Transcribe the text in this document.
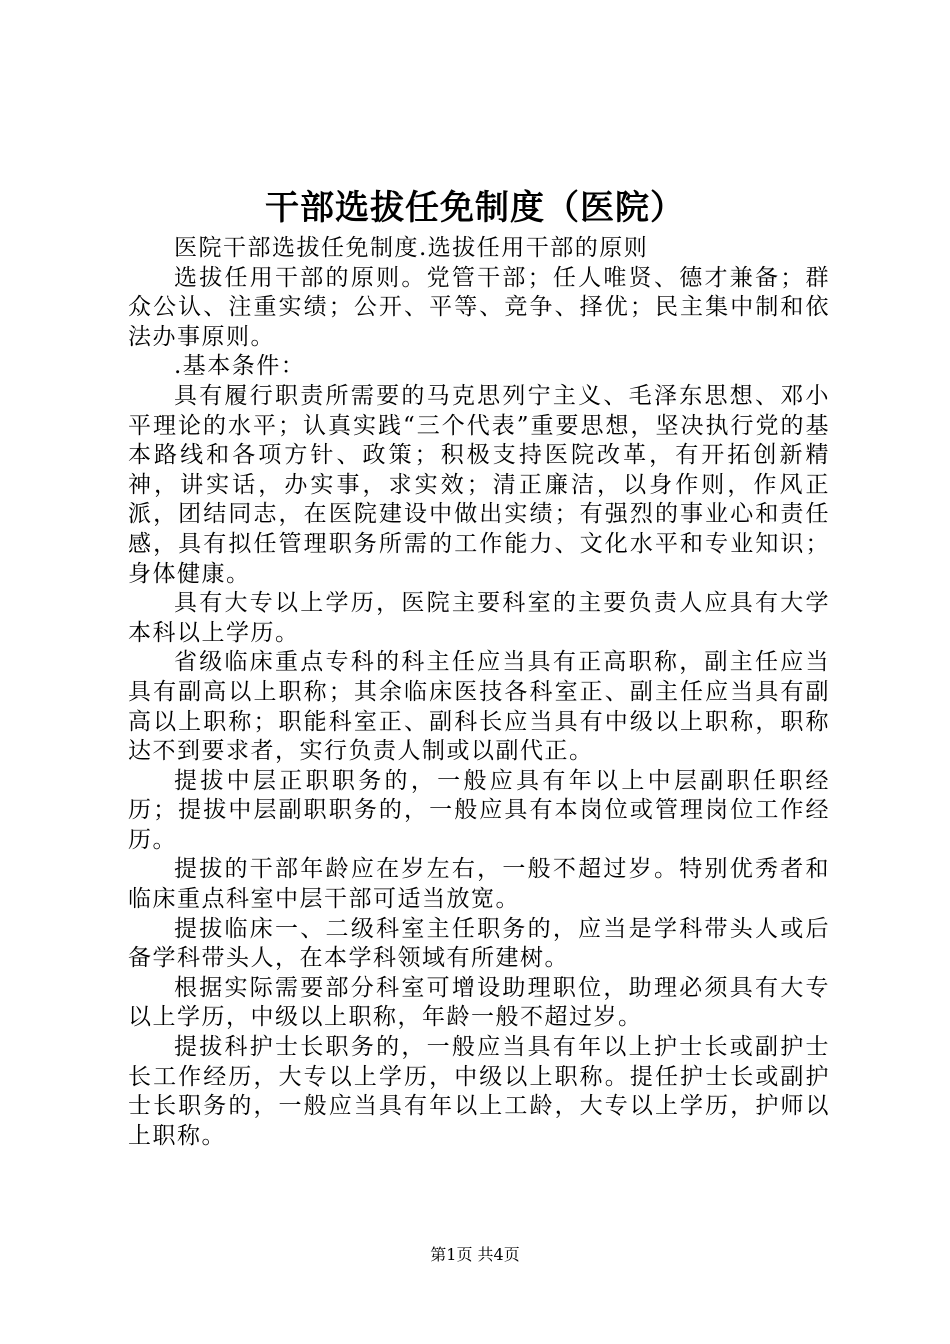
干部选拔任免制度（医院）

医院干部选拔任免制度.选拔任用干部的原则

选拔任用干部的原则。党管干部；任人唯贤、德才兼备；群众公认、注重实绩；公开、平等、竞争、择优；民主集中制和依法办事原则。

.基本条件：

具有履行职责所需要的马克思列宁主义、毛泽东思想、邓小平理论的水平；认真实践“三个代表”重要思想，坚决执行党的基本路线和各项方针、政策；积极支持医院改革，有开拓创新精神，讲实话，办实事，求实效；清正廉洁，以身作则，作风正派，团结同志，在医院建设中做出实绩；有强烈的事业心和责任感，具有拟任管理职务所需的工作能力、文化水平和专业知识；身体健康。

具有大专以上学历，医院主要科室的主要负责人应具有大学本科以上学历。

省级临床重点专科的科主任应当具有正高职称，副主任应当具有副高以上职称；其余临床医技各科室正、副主任应当具有副高以上职称；职能科室正、副科长应当具有中级以上职称，职称达不到要求者，实行负责人制或以副代正。

提拔中层正职职务的，一般应具有年以上中层副职任职经历；提拔中层副职职务的，一般应具有本岗位或管理岗位工作经历。

提拔的干部年龄应在岁左右，一般不超过岁。特别优秀者和临床重点科室中层干部可适当放宽。

提拔临床一、二级科室主任职务的，应当是学科带头人或后备学科带头人，在本学科领域有所建树。

根据实际需要部分科室可增设助理职位，助理必须具有大专以上学历，中级以上职称，年龄一般不超过岁。

提拔科护士长职务的，一般应当具有年以上护士长或副护士长工作经历，大专以上学历，中级以上职称。提任护士长或副护士长职务的，一般应当具有年以上工龄，大专以上学历，护师以上职称。

第1页 共4页
